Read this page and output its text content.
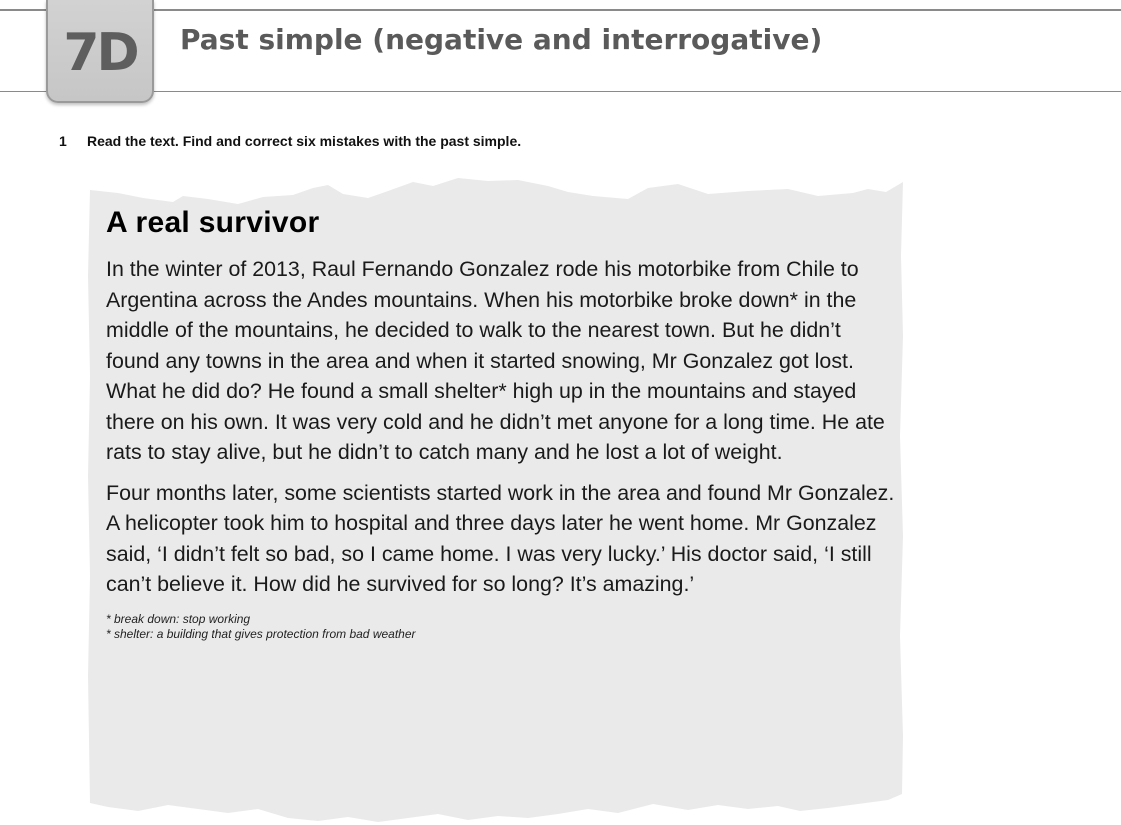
7D Past simple (negative and interrogative)
1 Read the text. Find and correct six mistakes with the past simple.
A real survivor

In the winter of 2013, Raul Fernando Gonzalez rode his motorbike from Chile to Argentina across the Andes mountains. When his motorbike broke down* in the middle of the mountains, he decided to walk to the nearest town. But he didn’t found any towns in the area and when it started snowing, Mr Gonzalez got lost. What he did do? He found a small shelter* high up in the mountains and stayed there on his own. It was very cold and he didn’t met anyone for a long time. He ate rats to stay alive, but he didn’t to catch many and he lost a lot of weight.

Four months later, some scientists started work in the area and found Mr Gonzalez. A helicopter took him to hospital and three days later he went home. Mr Gonzalez said, ‘I didn’t felt so bad, so I came home. I was very lucky.’ His doctor said, ‘I still can’t believe it. How did he survived for so long? It’s amazing.’

* break down: stop working
* shelter: a building that gives protection from bad weather
